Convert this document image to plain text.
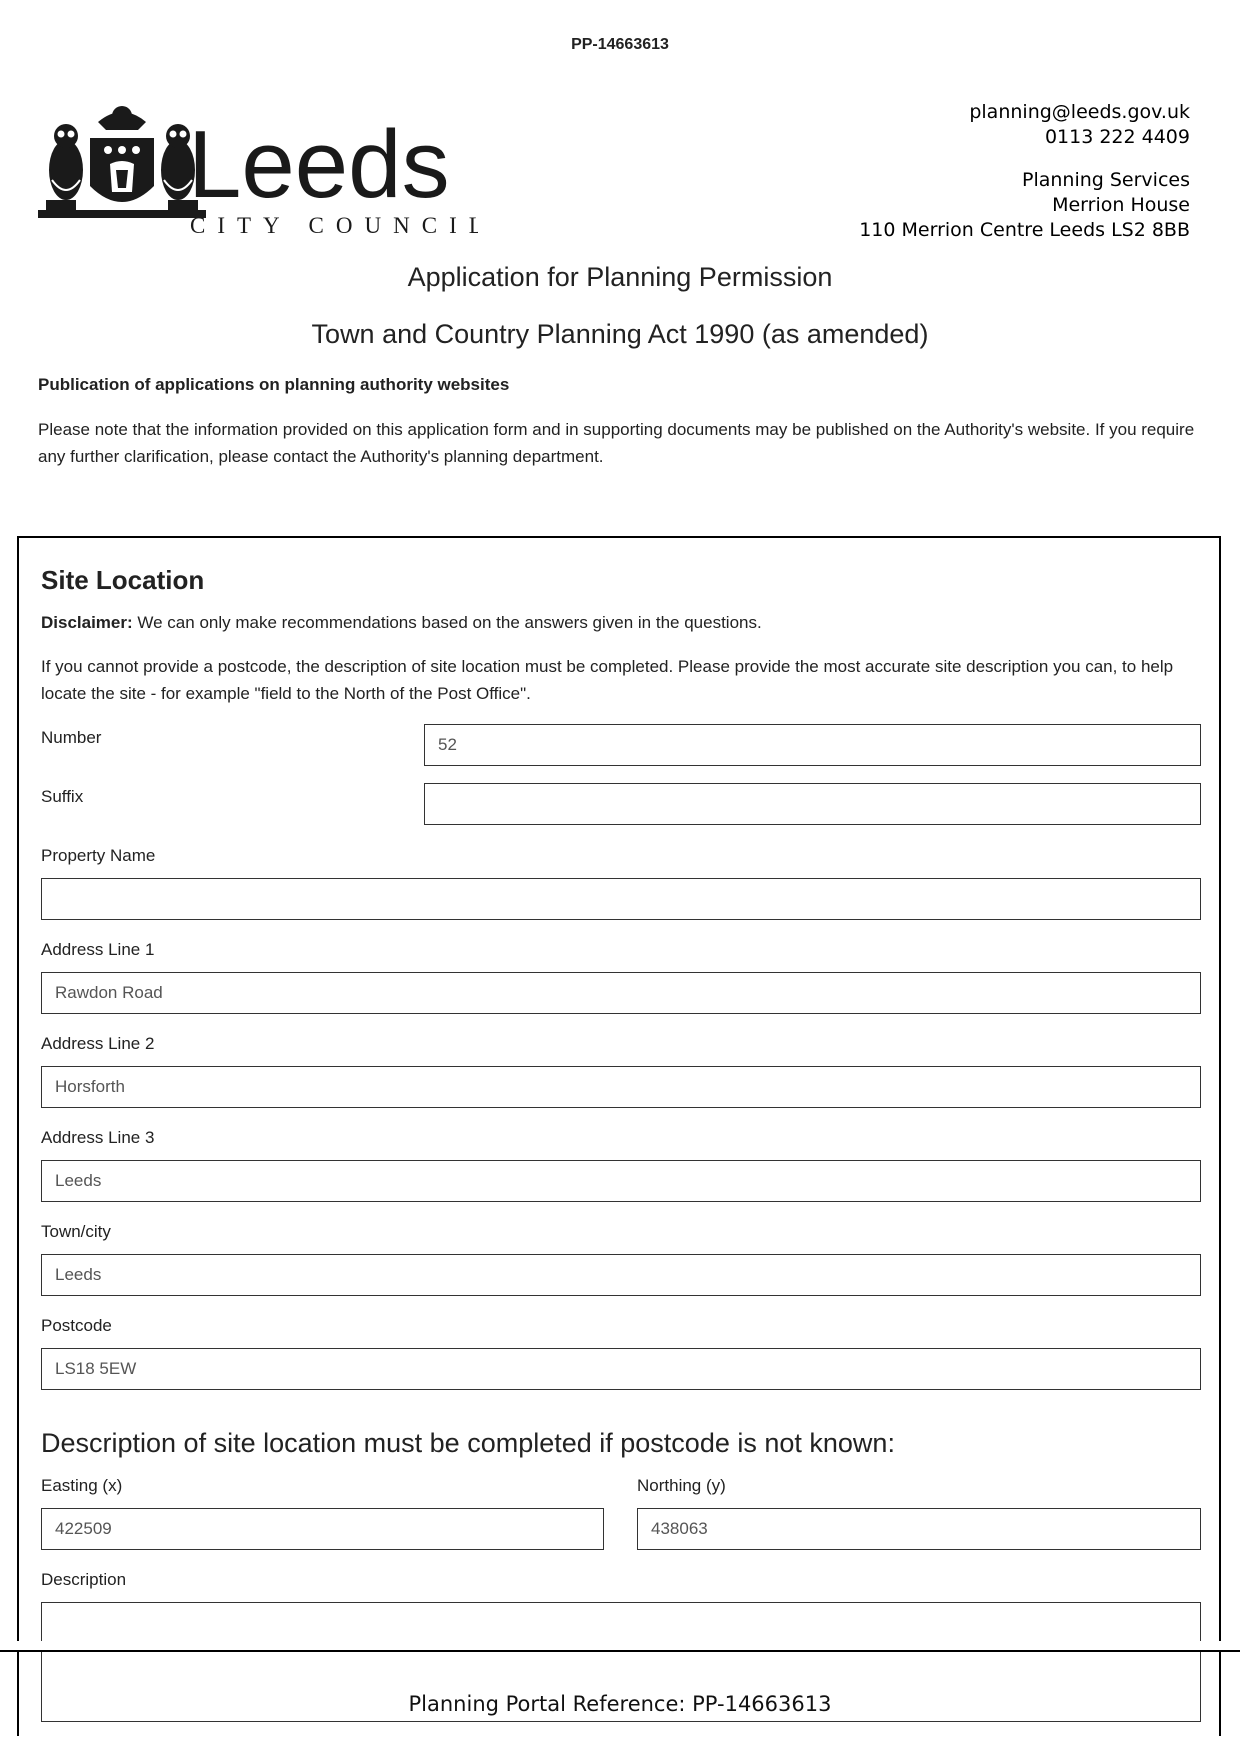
PP-14663613
Leeds
CITY COUNCIL
planning@leeds.gov.uk
0113 222 4409
Planning Services
Merrion House
110 Merrion Centre Leeds LS2 8BB
Application for Planning Permission
Town and Country Planning Act 1990 (as amended)
Publication of applications on planning authority websites
Please note that the information provided on this application form and in supporting documents may be published on the Authority's website. If you require any further clarification, please contact the Authority's planning department.
Site Location
Disclaimer: We can only make recommendations based on the answers given in the questions.
If you cannot provide a postcode, the description of site location must be completed. Please provide the most accurate site description you can, to help locate the site - for example "field to the North of the Post Office".
Number	52
Suffix
Property Name
Address Line 1
Rawdon Road
Address Line 2
Horsforth
Address Line 3
Leeds
Town/city
Leeds
Postcode
LS18 5EW
Description of site location must be completed if postcode is not known:
Easting (x)
422509
Northing (y)
438063
Description
Planning Portal Reference: PP-14663613
